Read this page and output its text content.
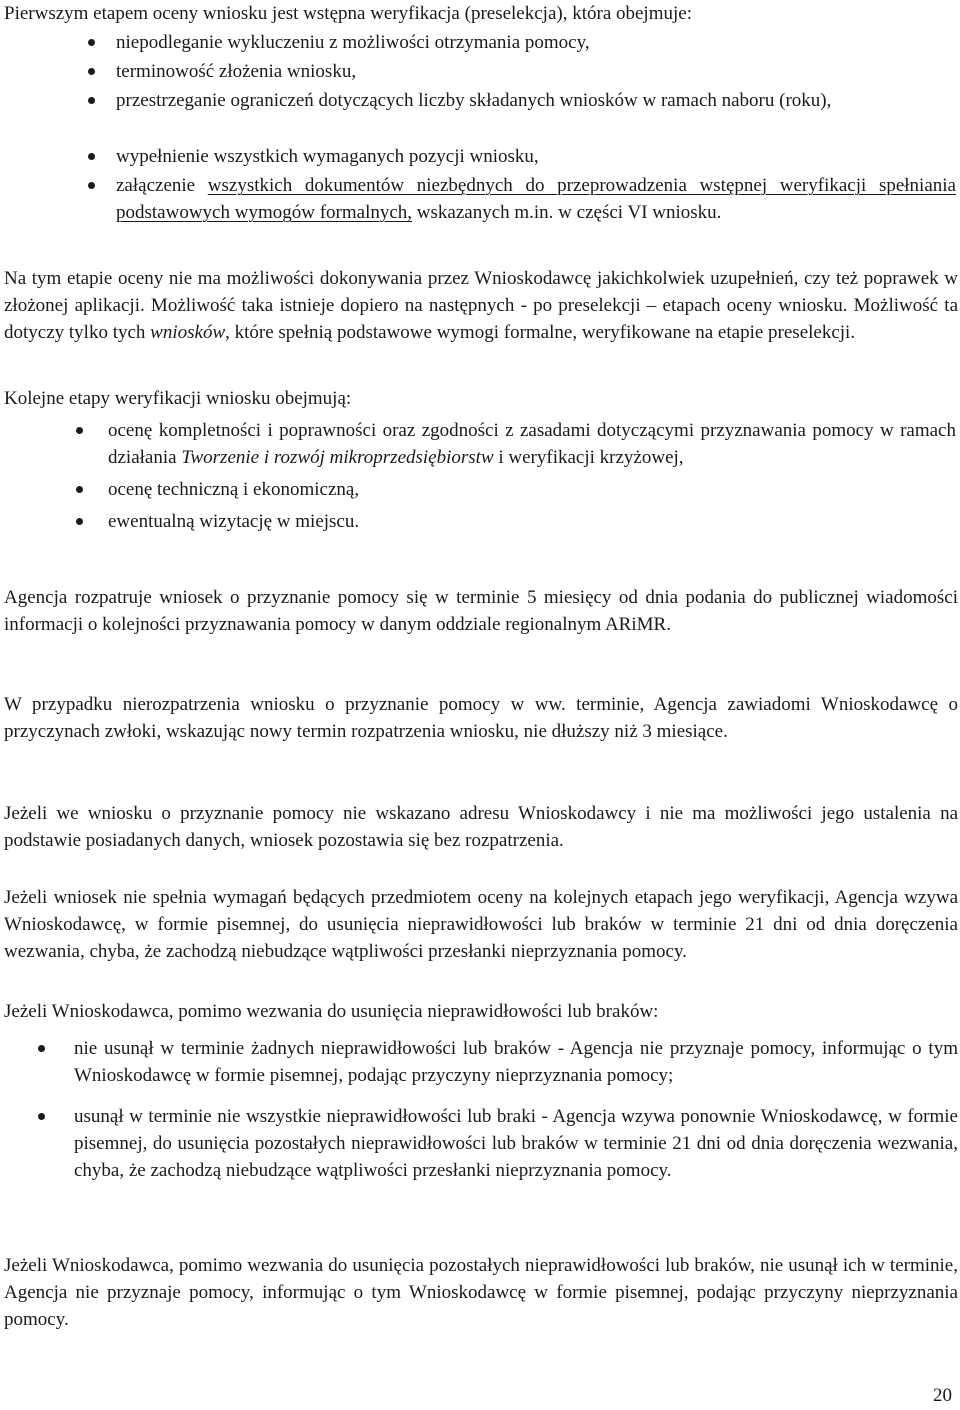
Pierwszym etapem oceny wniosku jest wstępna weryfikacja (preselekcja), która obejmuje:

niepodleganie wykluczeniu z możliwości otrzymania pomocy,
terminowość złożenia wniosku,
przestrzeganie ograniczeń dotyczących liczby składanych wniosków w ramach naboru (roku),
wypełnienie wszystkich wymaganych pozycji wniosku,
załączenie wszystkich dokumentów niezbędnych do przeprowadzenia wstępnej weryfikacji spełniania podstawowych wymogów formalnych, wskazanych m.in. w części VI wniosku.

Na tym etapie oceny nie ma możliwości dokonywania przez Wnioskodawcę jakichkolwiek uzupełnień, czy też poprawek w złożonej aplikacji. Możliwość taka istnieje dopiero na następnych - po preselekcji – etapach oceny wniosku. Możliwość ta dotyczy tylko tych wniosków, które spełnią podstawowe wymogi formalne, weryfikowane na etapie preselekcji.

Kolejne etapy weryfikacji wniosku obejmują:

ocenę kompletności i poprawności oraz zgodności z zasadami dotyczącymi przyznawania pomocy w ramach działania Tworzenie i rozwój mikroprzedsiębiorstw i weryfikacji krzyżowej,
ocenę techniczną i ekonomiczną,
ewentualną wizytację w miejscu.

Agencja rozpatruje wniosek o przyznanie pomocy się w terminie 5 miesięcy od dnia podania do publicznej wiadomości informacji o kolejności przyznawania pomocy w danym oddziale regionalnym ARiMR.

W przypadku nierozpatrzenia wniosku o przyznanie pomocy w ww. terminie, Agencja zawiadomi Wnioskodawcę o przyczynach zwłoki, wskazując nowy termin rozpatrzenia wniosku, nie dłuższy niż 3 miesiące.

Jeżeli we wniosku o przyznanie pomocy nie wskazano adresu Wnioskodawcy i nie ma możliwości jego ustalenia na podstawie posiadanych danych, wniosek pozostawia się bez rozpatrzenia.

Jeżeli wniosek nie spełnia wymagań będących przedmiotem oceny na kolejnych etapach jego weryfikacji, Agencja wzywa Wnioskodawcę, w formie pisemnej, do usunięcia nieprawidłowości lub braków w terminie 21 dni od dnia doręczenia wezwania, chyba, że zachodzą niebudzące wątpliwości przesłanki nieprzyznania pomocy.

Jeżeli Wnioskodawca, pomimo wezwania do usunięcia nieprawidłowości lub braków:

nie usunął w terminie żadnych nieprawidłowości lub braków - Agencja nie przyznaje pomocy, informując o tym Wnioskodawcę w formie pisemnej, podając przyczyny nieprzyznania pomocy;
usunął w terminie nie wszystkie nieprawidłowości lub braki - Agencja wzywa ponownie Wnioskodawcę, w formie pisemnej, do usunięcia pozostałych nieprawidłowości lub braków w terminie 21 dni od dnia doręczenia wezwania, chyba, że zachodzą niebudzące wątpliwości przesłanki nieprzyznania pomocy.

Jeżeli Wnioskodawca, pomimo wezwania do usunięcia pozostałych nieprawidłowości lub braków, nie usunął ich w terminie, Agencja nie przyznaje pomocy, informując o tym Wnioskodawcę w formie pisemnej, podając przyczyny nieprzyznania pomocy.

20
